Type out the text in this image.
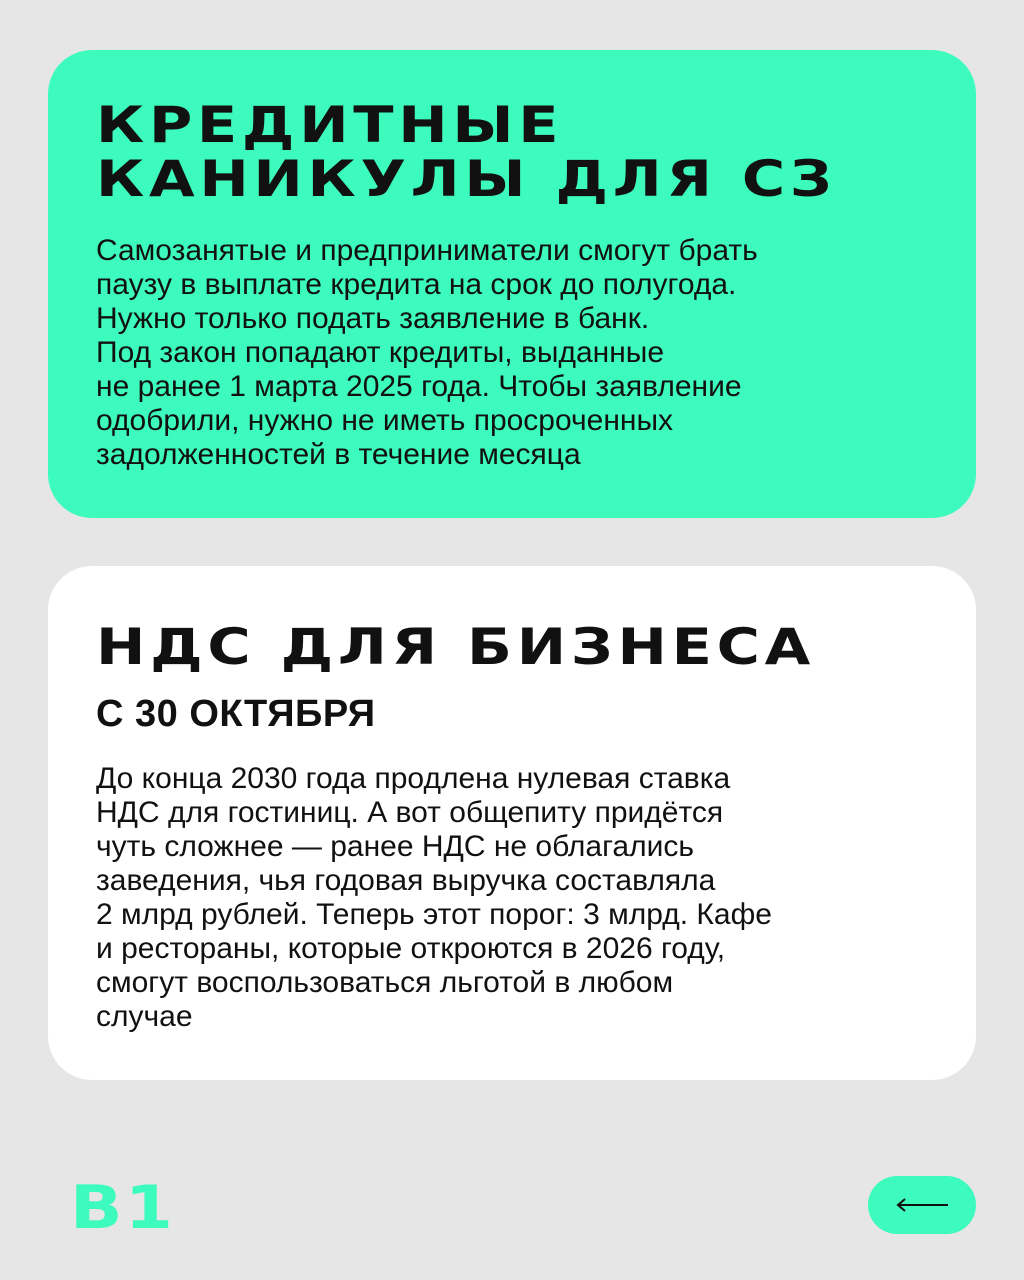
КРЕДИТНЫЕ
КАНИКУЛЫ ДЛЯ СЗ

Самозанятые и предприниматели смогут брать
паузу в выплате кредита на срок до полугода.
Нужно только подать заявление в банк.
Под закон попадают кредиты, выданные
не ранее 1 марта 2025 года. Чтобы заявление
одобрили, нужно не иметь просроченных
задолженностей в течение месяца

НДС ДЛЯ БИЗНЕСА
С 30 ОКТЯБРЯ

До конца 2030 года продлена нулевая ставка
НДС для гостиниц. А вот общепиту придётся
чуть сложнее — ранее НДС не облагались
заведения, чья годовая выручка составляла
2 млрд рублей. Теперь этот порог: 3 млрд. Кафе
и рестораны, которые откроются в 2026 году,
смогут воспользоваться льготой в любом
случае

B1
